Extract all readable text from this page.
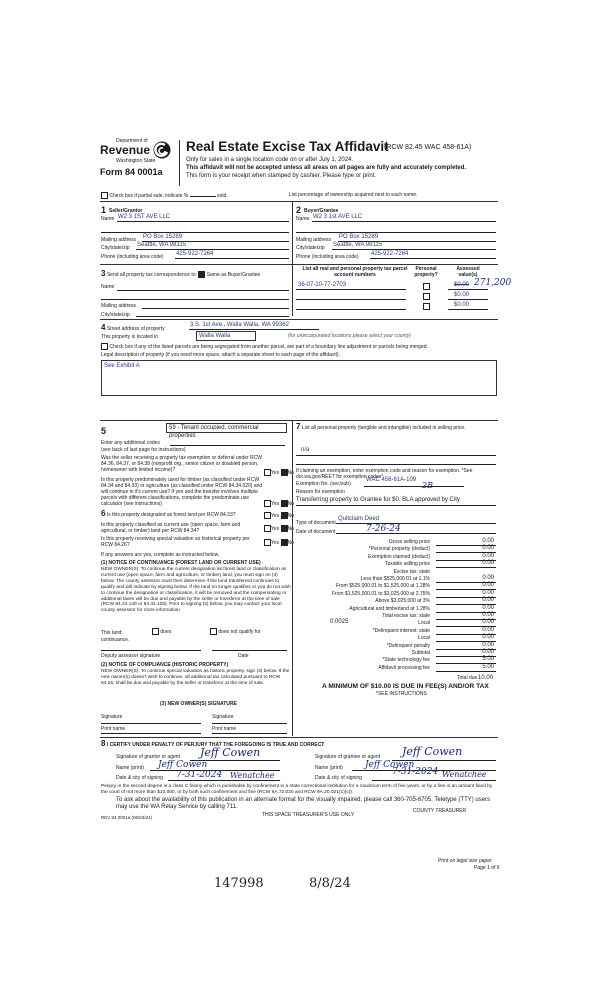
Department of
Revenue
Washington State
Form 84 0001a
Real Estate Excise Tax Affidavit
(RCW 82.45 WAC 458-61A)
Only for sales in a single location code on or after July 1, 2024.
This affidavit will not be accepted unless all areas on all pages are fully and accurately completed.
This form is your receipt when stamped by cashier. Please type or print.
Check box if partial sale, indicate %	sold.	List percentage of ownership acquired next to each name.
1 Seller/Grantor
Name W2 3 1ST AVE LLC
Mailing address PO Box 15289
City/state/zip Seattle, WA 98115
Phone (including area code) 425-922-7264
2 Buyer/Grantee
Name W2 3 1st AVE LLC
Mailing address PO Box 15289
City/state/zip Seattle, WA 98115
Phone (including area code) 425-922-7264
3 Send all property tax correspondence to: Same as Buyer/Grantee
Name
Mailing address
City/state/zip
List all real and personal property tax parcel account numbers
Personal property?
Assessed value(s)
36-07-20-77-2703	$0.00 271,200
$0.00
$0.00
4 Street address of property
3 S. 1st Ave., Walla Walla, WA 99362
This property is located in	Walla Walla	(for unincorporated locations please select your county)
Check box if any of the listed parcels are being segregated from another parcel, are part of a boundary line adjustment or parcels being merged.
Legal description of property (if you need more space, attach a separate sheet to each page of the affidavit).
See Exhibit A
5	59 - Tenant occupied, commercial properties
Enter any additional codes
(see back of last page for instructions)
Was the seller receiving a property tax exemption or deferral under RCW 84.36, 84.37, or 84.38 (nonprofit org., senior citizen or disabled person, homeowner with limited income)?	Yes No
Is this property predominately used for timber (as classified under RCW 84.34 and 84.33) or agriculture (as classified under RCW 84.34.020) and will continue in it's current use? If yes and the transfer involves multiple parcels with different classifications, complete the predominate use calculator (see instructions)	Yes No
6 Is this property designated as forest land per RCW 84.33?	Yes No
Is this property classified as current use (open space, farm and agricultural, or timber) land per RCW 84.34?	Yes No
Is this property receiving special valuation as historical property per RCW 84.26?	Yes No
If any answers are yes, complete as instructed below.
(1) NOTICE OF CONTINUANCE (FOREST LAND OR CURRENT USE)
NEW OWNER(S): To continue the current designation as forest land or classification as current use (open space, farm and agriculture, or timber) land, you must sign on (3) below. The county assessor must then determine if the land transferred continues to qualify and will indicate by signing below. If the land no longer qualifies or you do not wish to continue the designation or classification, it will be removed and the compensating or additional taxes will be due and payable by the seller or transferor at the time of sale (RCW 84.33.140 or 84.34.108). Prior to signing (3) below, you may contact your local county assessor for more information.
This land:	does	does not qualify for
continuance.
Deputy assessor signature	Date
(2) NOTICE OF COMPLIANCE (HISTORIC PROPERTY)
NEW OWNER(S): To continue special valuation as historic property, sign (3) below. If the new owner(s) doesn't wish to continue, all additional tax calculated pursuant to RCW 84.26, shall be due and payable by the seller or transferor at the time of sale.
(3) NEW OWNER(S) SIGNATURE
Signature	Signature
Print name	Print name
7 List all personal property (tangible and intangible) included in selling price.
n/a
If claiming an exemption, enter exemption code and reason for exemption. *See dor.wa.gov/REET for exemption codes*
Exemption No. (sec/sub)
WAC 458-61A-109
2B
Reason for exemption
Transferring property to Grantee for $0. BLA approved by City
Type of document
Quitclaim Deed
Date of document	7-26-24
Gross selling price	0.00
*Personal property (deduct)	0.00
Exemption claimed (deduct)	0.00
Taxable selling price	0.00
Excise tax: state
Less than $525,000.01 at 1.1%	0.00
From $525,000.01 to $1,525,000 at 1.28%	0.00
From $1,525,000.01 to $3,025,000 at 2.75%	0.00
Above $3,025,000 at 3%	0.00
Agricultural and timberland at 1.28%	0.00
Total excise tax: state	0.00
Local
0.0025	0.00
*Delinquent interest: state	0.00
Local	0.00
*Delinquent penalty	0.00
Subtotal	0.00
*State technology fee	5.00
Affidavit processing fee	5.00
Total due 10.00
A MINIMUM OF $10.00 IS DUE IN FEE(S) AND/OR TAX
*SEE INSTRUCTIONS
8 I CERTIFY UNDER PENALTY OF PERJURY THAT THE FOREGOING IS TRUE AND CORRECT
Signature of grantor or agent Jeff Cowen
Name (print) Jeff Cowen
Date & city of signing 7-31-2024 Wenatchee
Signature of grantee or agent Jeff Cowen
Name (print) Jeff Cowen
Date & city of signing
7-31-2024 Wenatchee
Perjury in the second degree is a class C felony which is punishable by confinement in a state correctional institution for a maximum term of five years, or by a fine in an amount fixed by the court of not more than $10,000, or by both such confinement and fine (RCW 9A.72.030 and RCW 9A.20.021(1)(c)).
To ask about the availability of this publication in an alternate format for the visually impaired, please call 360-705-6705. Teletype (TTY) users may use the WA Relay Service by calling 711.
REV 84 0001a (06/03/24)	THIS SPACE TREASURER'S USE ONLY
COUNTY TREASURER
Print on legal size paper.
Page 1 of 6
147998	8/8/24
